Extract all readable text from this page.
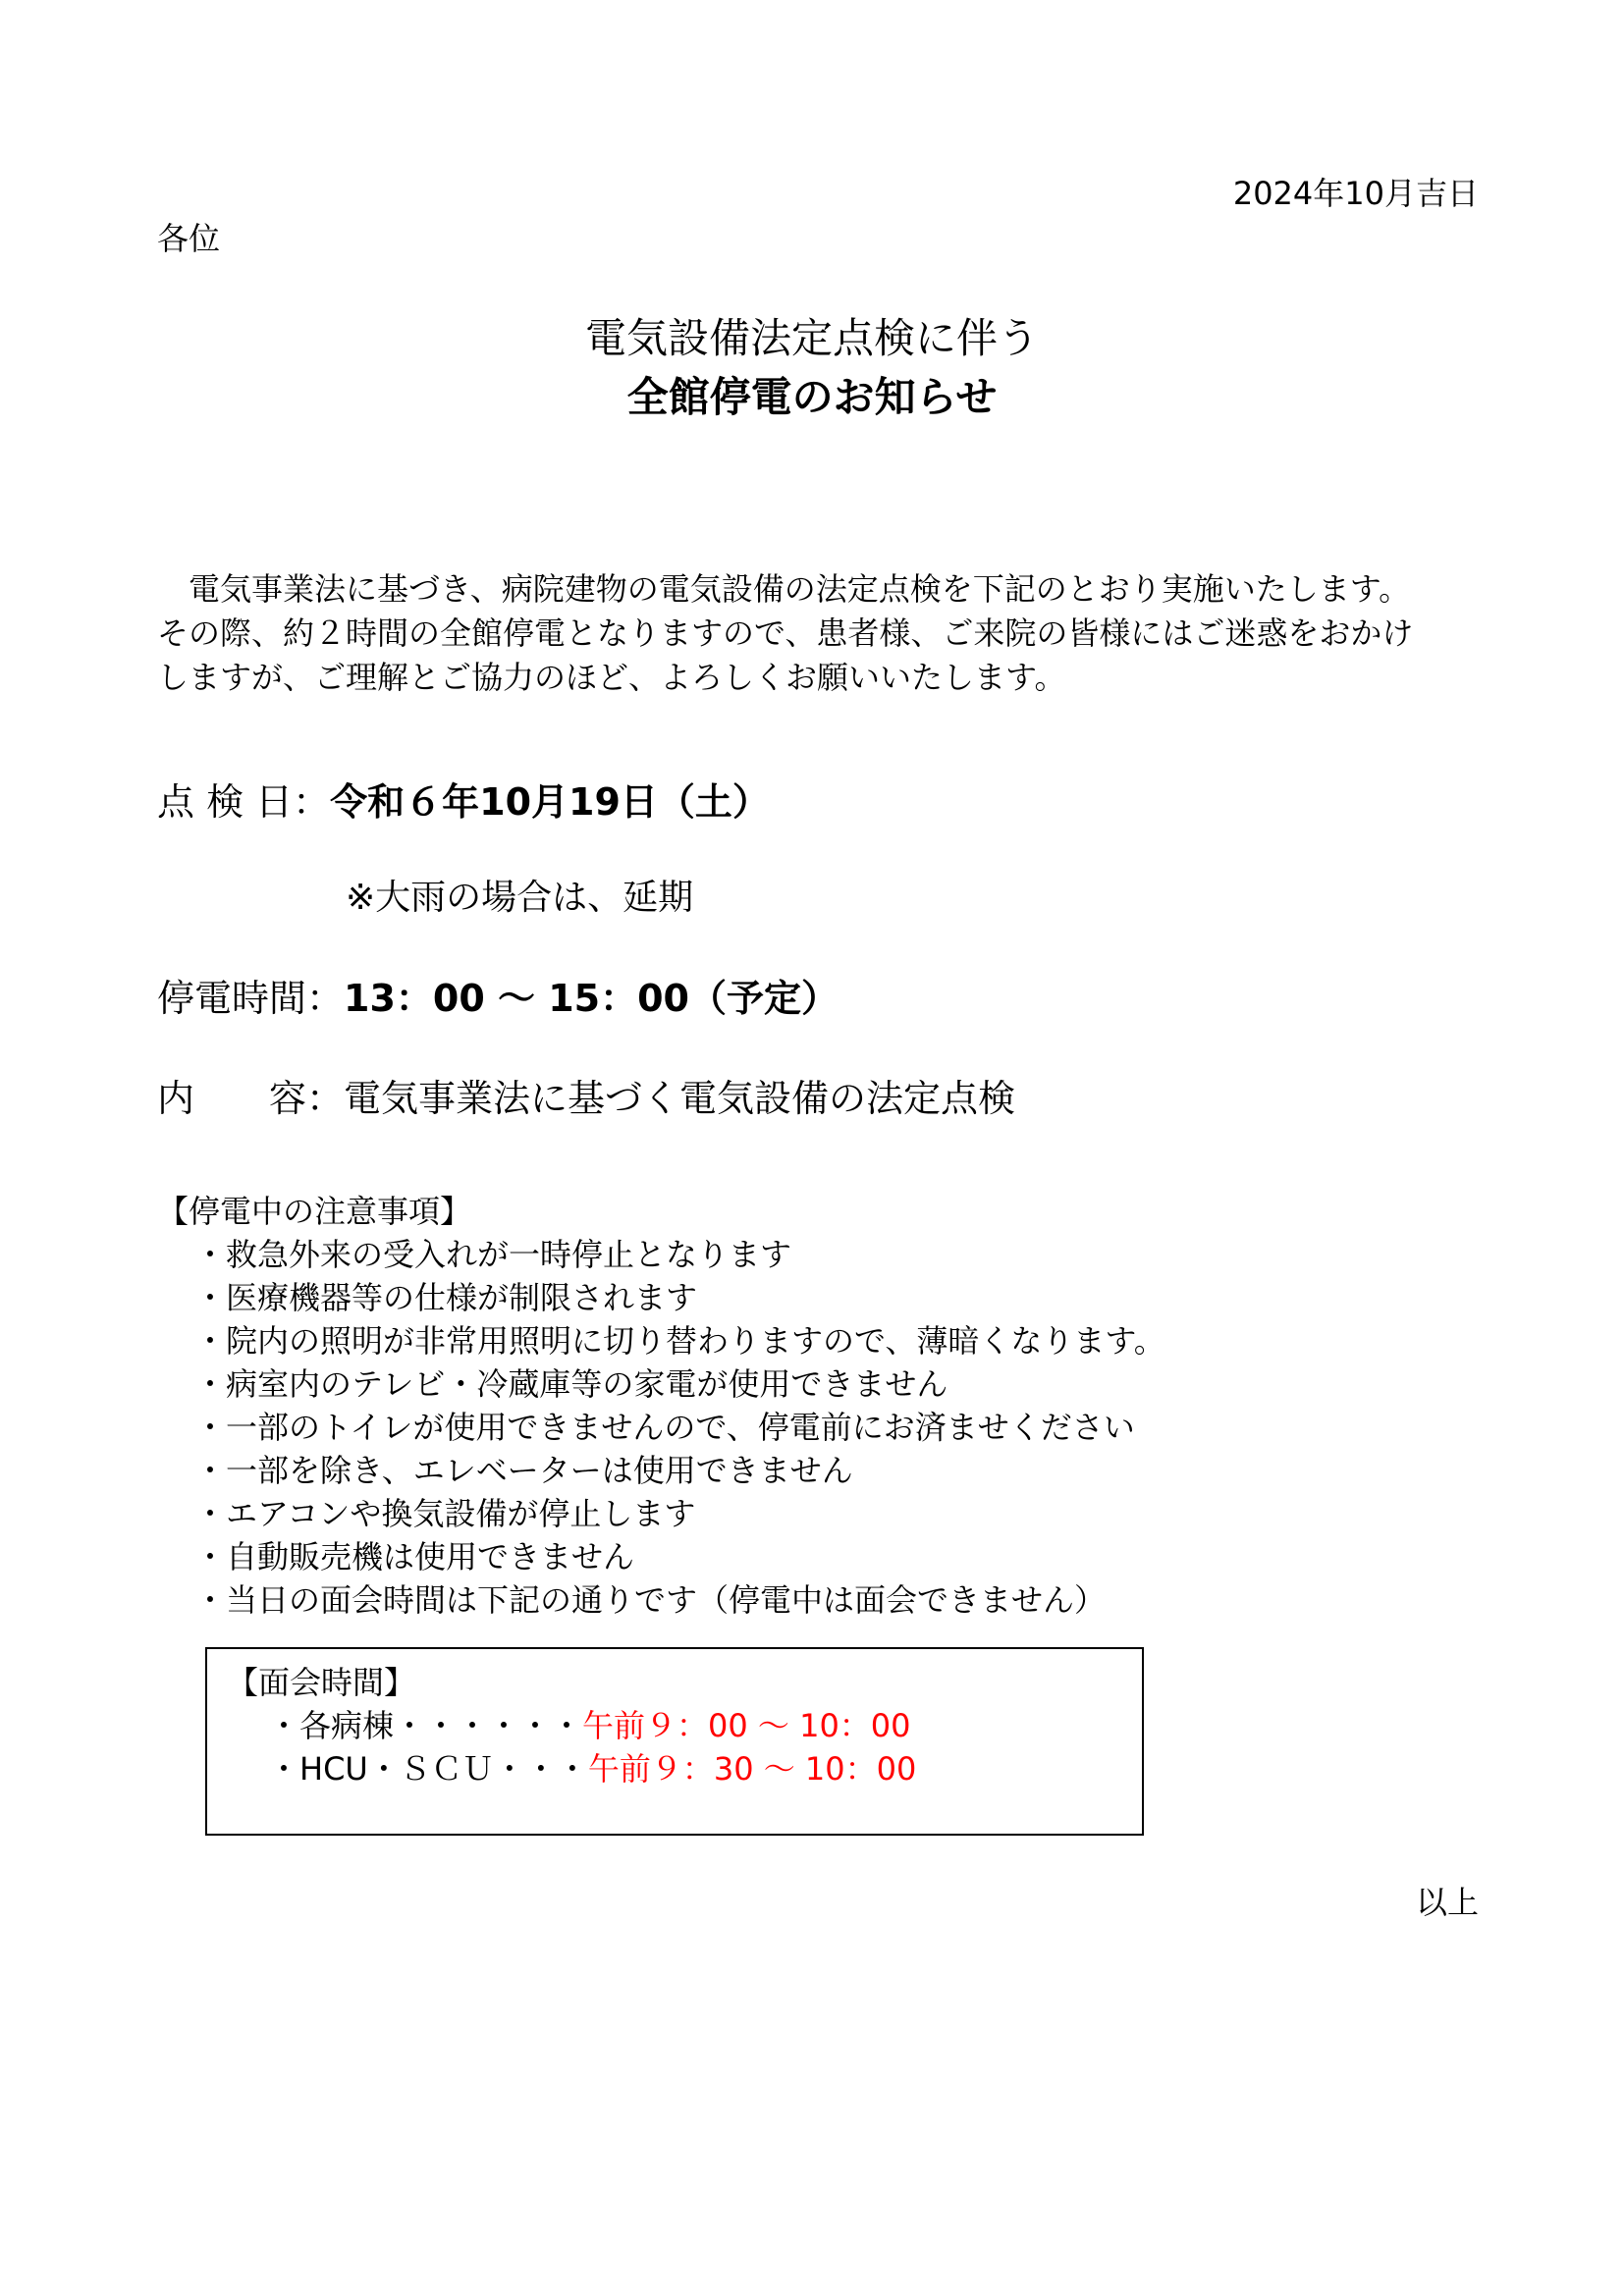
2024年10月吉日
各位
電気設備法定点検に伴う
全館停電のお知らせ
　電気事業法に基づき、病院建物の電気設備の法定点検を下記のとおり実施いたします。
その際、約２時間の全館停電となりますので、患者様、ご来院の皆様にはご迷惑をおかけ
しますが、ご理解とご協力のほど、よろしくお願いいたします。
点 検 日：令和６年10月19日（土）
※大雨の場合は、延期
停電時間：13：00 ～ 15：00（予定）
内　　容：電気事業法に基づく電気設備の法定点検
【停電中の注意事項】
・救急外来の受入れが一時停止となります
・医療機器等の仕様が制限されます
・院内の照明が非常用照明に切り替わりますので、薄暗くなります。
・病室内のテレビ・冷蔵庫等の家電が使用できません
・一部のトイレが使用できませんので、停電前にお済ませください
・一部を除き、エレベーターは使用できません
・エアコンや換気設備が停止します
・自動販売機は使用できません
・当日の面会時間は下記の通りです（停電中は面会できません）
【面会時間】
・各病棟・・・・・・午前９：00 ～ 10：00
・HCU・ＳＣＵ・・・午前９：30 ～ 10：00
以上
